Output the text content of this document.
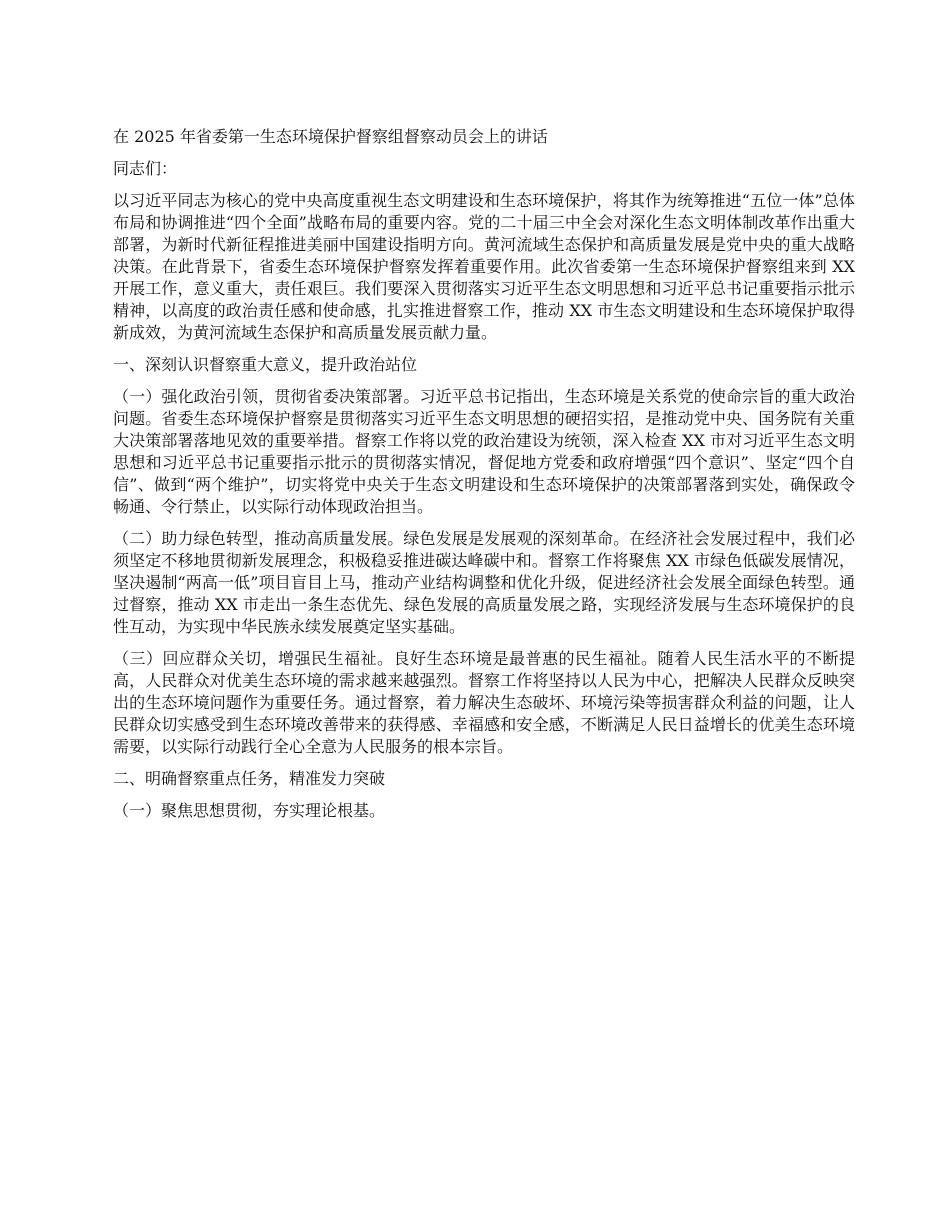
在 2025 年省委第一生态环境保护督察组督察动员会上的讲话
同志们：
以习近平同志为核心的党中央高度重视生态文明建设和生态环境保护，将其作为统筹推进“五位一体”总体布局和协调推进“四个全面”战略布局的重要内容。党的二十届三中全会对深化生态文明体制改革作出重大部署，为新时代新征程推进美丽中国建设指明方向。黄河流域生态保护和高质量发展是党中央的重大战略决策。在此背景下，省委生态环境保护督察发挥着重要作用。此次省委第一生态环境保护督察组来到 XX 开展工作，意义重大，责任艰巨。我们要深入贯彻落实习近平生态文明思想和习近平总书记重要指示批示精神，以高度的政治责任感和使命感，扎实推进督察工作，推动 XX 市生态文明建设和生态环境保护取得新成效，为黄河流域生态保护和高质量发展贡献力量。
一、深刻认识督察重大意义，提升政治站位
（一）强化政治引领，贯彻省委决策部署。习近平总书记指出，生态环境是关系党的使命宗旨的重大政治问题。省委生态环境保护督察是贯彻落实习近平生态文明思想的硬招实招，是推动党中央、国务院有关重大决策部署落地见效的重要举措。督察工作将以党的政治建设为统领，深入检查 XX 市对习近平生态文明思想和习近平总书记重要指示批示的贯彻落实情况，督促地方党委和政府增强“四个意识”、坚定“四个自信”、做到“两个维护”，切实将党中央关于生态文明建设和生态环境保护的决策部署落到实处，确保政令畅通、令行禁止，以实际行动体现政治担当。
（二）助力绿色转型，推动高质量发展。绿色发展是发展观的深刻革命。在经济社会发展过程中，我们必须坚定不移地贯彻新发展理念，积极稳妥推进碳达峰碳中和。督察工作将聚焦 XX 市绿色低碳发展情况，坚决遏制“两高一低”项目盲目上马，推动产业结构调整和优化升级，促进经济社会发展全面绿色转型。通过督察，推动 XX 市走出一条生态优先、绿色发展的高质量发展之路，实现经济发展与生态环境保护的良性互动，为实现中华民族永续发展奠定坚实基础。
（三）回应群众关切，增强民生福祉。良好生态环境是最普惠的民生福祉。随着人民生活水平的不断提高，人民群众对优美生态环境的需求越来越强烈。督察工作将坚持以人民为中心，把解决人民群众反映突出的生态环境问题作为重要任务。通过督察，着力解决生态破坏、环境污染等损害群众利益的问题，让人民群众切实感受到生态环境改善带来的获得感、幸福感和安全感，不断满足人民日益增长的优美生态环境需要，以实际行动践行全心全意为人民服务的根本宗旨。
二、明确督察重点任务，精准发力突破
（一）聚焦思想贯彻，夯实理论根基。
